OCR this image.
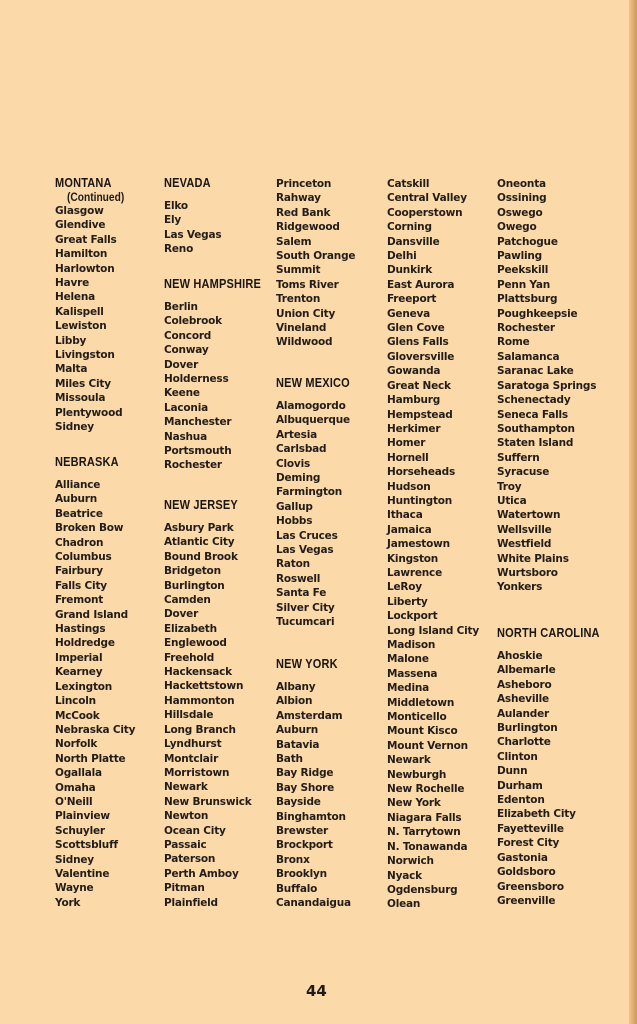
MONTANA
(Continued)
Glasgow
Glendive
Great Falls
Hamilton
Harlowton
Havre
Helena
Kalispell
Lewiston
Libby
Livingston
Malta
Miles City
Missoula
Plentywood
Sidney
NEBRASKA
Alliance
Auburn
Beatrice
Broken Bow
Chadron
Columbus
Fairbury
Falls City
Fremont
Grand Island
Hastings
Holdredge
Imperial
Kearney
Lexington
Lincoln
McCook
Nebraska City
Norfolk
North Platte
Ogallala
Omaha
O'Neill
Plainview
Schuyler
Scottsbluff
Sidney
Valentine
Wayne
York
NEVADA
Elko
Ely
Las Vegas
Reno
NEW HAMPSHIRE
Berlin
Colebrook
Concord
Conway
Dover
Holderness
Keene
Laconia
Manchester
Nashua
Portsmouth
Rochester
NEW JERSEY
Asbury Park
Atlantic City
Bound Brook
Bridgeton
Burlington
Camden
Dover
Elizabeth
Englewood
Freehold
Hackensack
Hackettstown
Hammonton
Hillsdale
Long Branch
Lyndhurst
Montclair
Morristown
Newark
New Brunswick
Newton
Ocean City
Passaic
Paterson
Perth Amboy
Pitman
Plainfield
Princeton
Rahway
Red Bank
Ridgewood
Salem
South Orange
Summit
Toms River
Trenton
Union City
Vineland
Wildwood
NEW MEXICO
Alamogordo
Albuquerque
Artesia
Carlsbad
Clovis
Deming
Farmington
Gallup
Hobbs
Las Cruces
Las Vegas
Raton
Roswell
Santa Fe
Silver City
Tucumcari
NEW YORK
Albany
Albion
Amsterdam
Auburn
Batavia
Bath
Bay Ridge
Bay Shore
Bayside
Binghamton
Brewster
Brockport
Bronx
Brooklyn
Buffalo
Canandaigua
Catskill
Central Valley
Cooperstown
Corning
Dansville
Delhi
Dunkirk
East Aurora
Freeport
Geneva
Glen Cove
Glens Falls
Gloversville
Gowanda
Great Neck
Hamburg
Hempstead
Herkimer
Homer
Hornell
Horseheads
Hudson
Huntington
Ithaca
Jamaica
Jamestown
Kingston
Lawrence
LeRoy
Liberty
Lockport
Long Island City
Madison
Malone
Massena
Medina
Middletown
Monticello
Mount Kisco
Mount Vernon
Newark
Newburgh
New Rochelle
New York
Niagara Falls
N. Tarrytown
N. Tonawanda
Norwich
Nyack
Ogdensburg
Olean
Oneonta
Ossining
Oswego
Owego
Patchogue
Pawling
Peekskill
Penn Yan
Plattsburg
Poughkeepsie
Rochester
Rome
Salamanca
Saranac Lake
Saratoga Springs
Schenectady
Seneca Falls
Southampton
Staten Island
Suffern
Syracuse
Troy
Utica
Watertown
Wellsville
Westfield
White Plains
Wurtsboro
Yonkers
NORTH CAROLINA
Ahoskie
Albemarle
Asheboro
Asheville
Aulander
Burlington
Charlotte
Clinton
Dunn
Durham
Edenton
Elizabeth City
Fayetteville
Forest City
Gastonia
Goldsboro
Greensboro
Greenville
44
